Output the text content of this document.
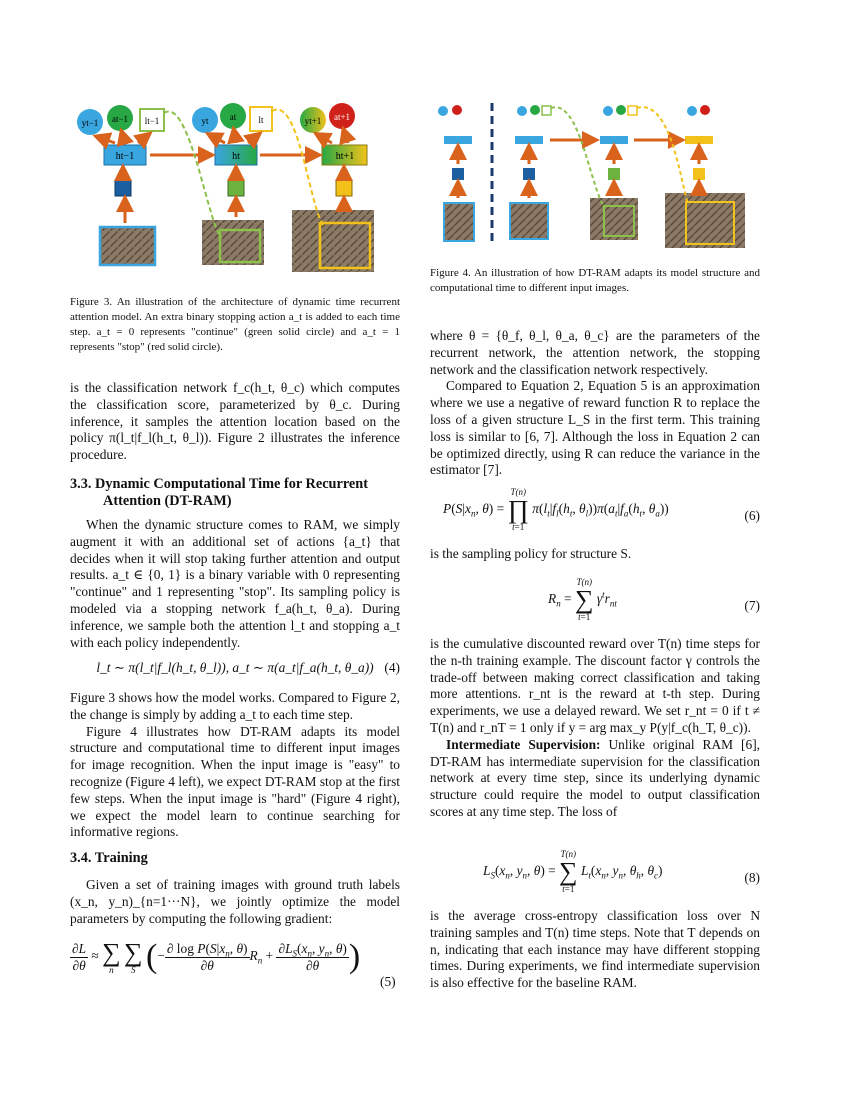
yt−1 at−1 lt−1
ht−1
yt at lt
ht
yt+1 at+1
ht+1

Figure 3. An illustration of the architecture of dynamic time recurrent attention model. An extra binary stopping action a_t is added to each time step. a_t = 0 represents "continue" (green solid circle) and a_t = 1 represents "stop" (red solid circle).

Figure 4. An illustration of how DT-RAM adapts its model structure and computational time to different input images.

is the classification network f_c(h_t, θ_c) which computes the classification score, parameterized by θ_c. During inference, it samples the attention location based on the policy π(l_t|f_l(h_t, θ_l)). Figure 2 illustrates the inference procedure.

3.3. Dynamic Computational Time for Recurrent
Attention (DT-RAM)

When the dynamic structure comes to RAM, we simply augment it with an additional set of actions {a_t} that decides when it will stop taking further attention and output results. a_t ∈ {0, 1} is a binary variable with 0 representing "continue" and 1 representing "stop". Its sampling policy is modeled via a stopping network f_a(h_t, θ_a). During inference, we sample both the attention l_t and stopping a_t with each policy independently.

l_t ∼ π(l_t|f_l(h_t, θ_l)), a_t ∼ π(a_t|f_a(h_t, θ_a)) (4)

Figure 3 shows how the model works. Compared to Figure 2, the change is simply by adding a_t to each time step.

Figure 4 illustrates how DT-RAM adapts its model structure and computational time to different input images for image recognition. When the input image is "easy" to recognize (Figure 4 left), we expect DT-RAM stop at the first few steps. When the input image is "hard" (Figure 4 right), we expect the model learn to continue searching for informative regions.

3.4. Training

Given a set of training images with ground truth labels (x_n, y_n)_{n=1···N}, we jointly optimize the model parameters by computing the following gradient:

$\frac{\partial L}{\partial\theta}$ ≈ ∑
n

∑
S (− $\frac{\partial \log P(S|x_n, \theta)}{\partial\theta} R_n + \frac{\partial L_S(x_n, y_n, \theta)}{\partial\theta}$ )
(5)

where θ = {θ_f, θ_l, θ_a, θ_c} are the parameters of the recurrent network, the attention network, the stopping network and the classification network respectively.

Compared to Equation 2, Equation 5 is an approximation where we use a negative of reward function R to replace the loss of a given structure L_S in the first term. This training loss is similar to [6, 7]. Although the loss in Equation 2 can be optimized directly, using R can reduce the variance in the estimator [7].

$P(S|x_n$, θ) =
T(n)
∏
t=1
$\pi(l_t|f_l(h_t$, $\theta_l))\pi(a_t|f_a(h_t$, $\theta_a$))	(6)

is the sampling policy for structure S.

$R_n$ =
T(n)
∑
t=1
$\gamma^tr_{nt}$	(7)

is the cumulative discounted reward over T(n) time steps for the n-th training example. The discount factor γ controls the trade-off between making correct classification and taking more attentions. r_nt is the reward at t-th step. During experiments, we use a delayed reward. We set r_nt = 0 if t ≠ T(n) and r_nT = 1 only if y = arg max_y P(y|f_c(h_T, θ_c)).

Intermediate Supervision: Unlike original RAM [6], DT-RAM has intermediate supervision for the classification network at every time step, since its underlying dynamic structure could require the model to output classification scores at any time step. The loss of

$L_S(x_n$, $y_n$, θ) =
T(n)
∑
t=1
$L_t(x_n$, $y_n$, $\theta_h$, $\theta_c$)	(8)

is the average cross-entropy classification loss over N training samples and T(n) time steps. Note that T depends on n, indicating that each instance may have different stopping times. During experiments, we find intermediate supervision is also effective for the baseline RAM.
